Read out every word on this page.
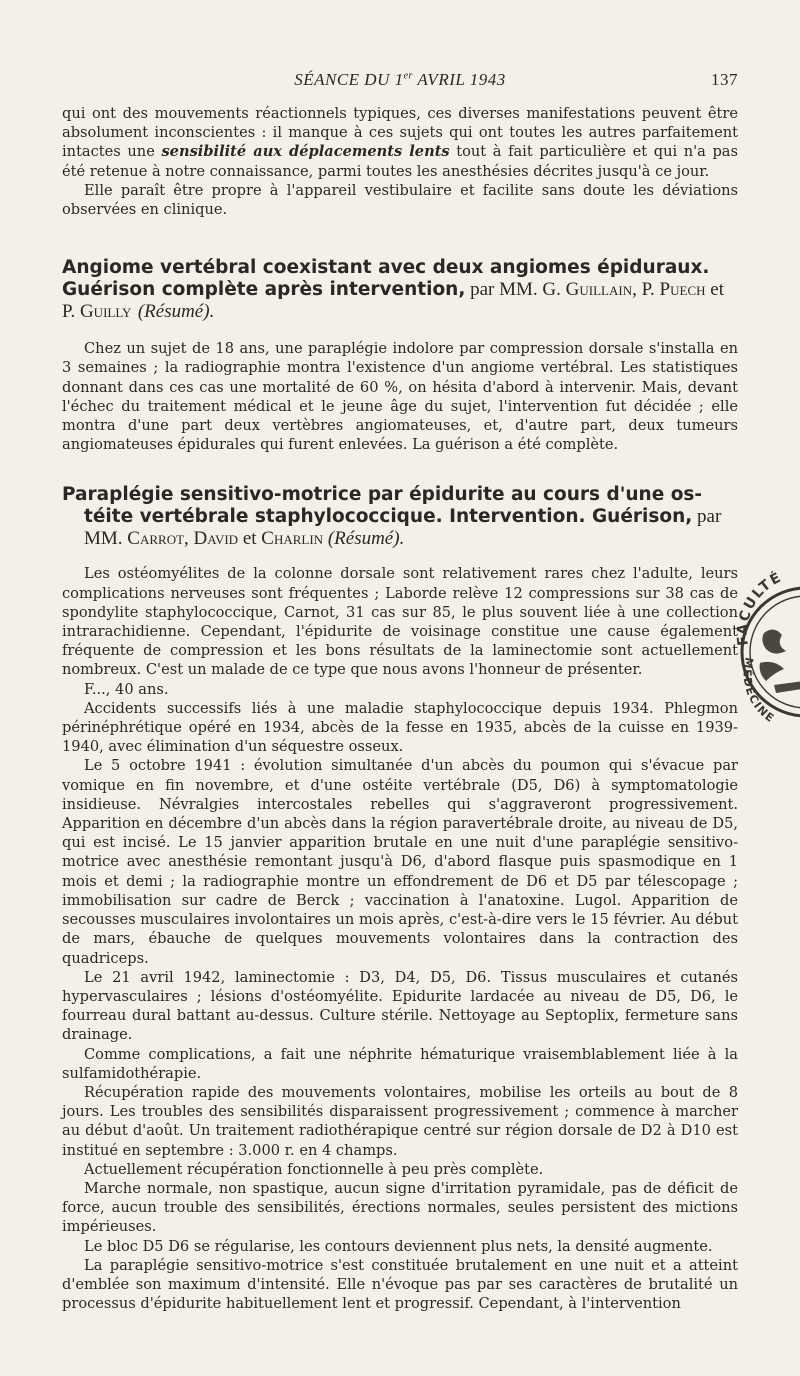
SÉANCE DU 1er AVRIL 1943	137

qui ont des mouvements réactionnels typiques, ces diverses manifestations peuvent être absolument inconscientes : il manque à ces sujets qui ont toutes les autres parfaitement intactes une sensibilité aux déplacements lents tout à fait particulière et qui n'a pas été retenue à notre connaissance, parmi toutes les anesthésies décrites jusqu'à ce jour.

Elle paraît être propre à l'appareil vestibulaire et facilite sans doute les déviations observées en clinique.

Angiome vertébral coexistant avec deux angiomes épiduraux. Guérison complète après intervention, par MM. G. Guillain, P. Puech et P. Guilly (Résumé).

Chez un sujet de 18 ans, une paraplégie indolore par compression dorsale s'installa en 3 semaines ; la radiographie montra l'existence d'un angiome vertébral. Les statistiques donnant dans ces cas une mortalité de 60 %, on hésita d'abord à intervenir. Mais, devant l'échec du traitement médical et le jeune âge du sujet, l'intervention fut décidée ; elle montra d'une part deux vertèbres angiomateuses, et, d'autre part, deux tumeurs angiomateuses épidurales qui furent enlevées. La guérison a été complète.

Paraplégie sensitivo-motrice par épidurite au cours d'une os-
téite vertébrale staphylococcique. Intervention. Guérison, par
MM. Carrot, David et Charlin (Résumé).

Les ostéomyélites de la colonne dorsale sont relativement rares chez l'adulte, leurs complications nerveuses sont fréquentes ; Laborde relève 12 compressions sur 38 cas de spondylite staphylococcique, Carnot, 31 cas sur 85, le plus souvent liée à une collection intrarachidienne. Cependant, l'épidurite de voisinage constitue une cause également fréquente de compression et les bons résultats de la laminectomie sont actuellement nombreux. C'est un malade de ce type que nous avons l'honneur de présenter.

F..., 40 ans.

Accidents successifs liés à une maladie staphylococcique depuis 1934. Phlegmon périnéphrétique opéré en 1934, abcès de la fesse en 1935, abcès de la cuisse en 1939-1940, avec élimination d'un séquestre osseux.

Le 5 octobre 1941 : évolution simultanée d'un abcès du poumon qui s'évacue par vomique en fin novembre, et d'une ostéite vertébrale (D5, D6) à symptomatologie insidieuse. Névralgies intercostales rebelles qui s'aggraveront progressivement. Apparition en décembre d'un abcès dans la région paravertébrale droite, au niveau de D5, qui est incisé. Le 15 janvier apparition brutale en une nuit d'une paraplégie sensitivo-motrice avec anesthésie remontant jusqu'à D6, d'abord flasque puis spasmodique en 1 mois et demi ; la radiographie montre un effondrement de D6 et D5 par télescopage ; immobilisation sur cadre de Berck ; vaccination à l'anatoxine. Lugol. Apparition de secousses musculaires involontaires un mois après, c'est-à-dire vers le 15 février. Au début de mars, ébauche de quelques mouvements volontaires dans la contraction des quadriceps.

Le 21 avril 1942, laminectomie : D3, D4, D5, D6. Tissus musculaires et cutanés hypervasculaires ; lésions d'ostéomyélite. Epidurite lardacée au niveau de D5, D6, le fourreau dural battant au-dessus. Culture stérile. Nettoyage au Septoplix, fermeture sans drainage.

Comme complications, a fait une néphrite hématurique vraisemblablement liée à la sulfamidothérapie.

Récupération rapide des mouvements volontaires, mobilise les orteils au bout de 8 jours. Les troubles des sensibilités disparaissent progressivement ; commence à marcher au début d'août. Un traitement radiothérapique centré sur région dorsale de D2 à D10 est institué en septembre : 3.000 r. en 4 champs.

Actuellement récupération fonctionnelle à peu près complète.

Marche normale, non spastique, aucun signe d'irritation pyramidale, pas de déficit de force, aucun trouble des sensibilités, érections normales, seules persistent des mictions impérieuses.

Le bloc D5 D6 se régularise, les contours deviennent plus nets, la densité augmente.

La paraplégie sensitivo-motrice s'est constituée brutalement en une nuit et a atteint d'emblée son maximum d'intensité. Elle n'évoque pas par ses caractères de brutalité un processus d'épidurite habituellement lent et progressif. Cependant, à l'intervention

FACULTÉ
MÉDECINE
